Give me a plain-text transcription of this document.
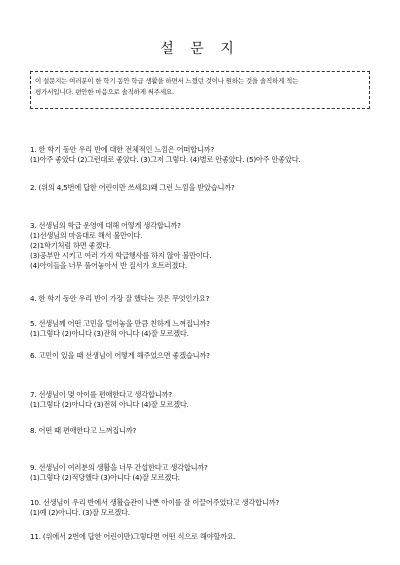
설 문 지
이 설문지는 여러분이 한 학기 동안 학급 생활을 하면서 느꼈던 것이나 원하는 것을 솔직하게 적는
평가서입니다. 편안한 마음으로 솔직하게 써주세요.
1. 한 학기 동안 우리 반에 대한 전체적인 느낌은 어떠합니까?
(1)아주 좋았다 (2)그런대로 좋았다. (3)그저 그렇다. (4)별로 안좋았다. (5)아주 안좋았다.
2. (위의 4,5번에 답한 어린이만 쓰세요)왜 그런 느낌을 받았습니까?
3. 선생님의 학급 운영에 대해 어떻게 생각합니까?
(1)선생님의 마음대로 해서 불만이다.
(2)1학기처럼 하면 좋겠다.
(3)공부만 시키고 여러 가지 학급행사를 하지 않아 불만이다.
(4)아이들을 너무 풀어놓아서 반 질서가 흐트러졌다.
4. 한 학기 동안 우리 반이 가장 잘 했다는 것은 무엇인가요?
5. 선생님께 어떤 고민을 털어놓을 만큼 친하게 느껴집니까?
(1)그렇다 (2)아니다 (3)잔혀 아니다 (4)잘 모르겠다.
6. 고민이 있을 때 선생님이 어떻게 해주었으면 좋겠습니까?
7. 선생님이 몇 아이를 편애한다고 생각합니까?
(1)그렇다 (2)아니다 (3)전혀 아니다 (4)잘 모르겠다.
8. 어떤 때 편애한다고 느껴집니까?
9. 선생님이 여러분의 생활을 너무 간섭한다고 생각합니까?
(1)그렇다 (2)적당했다 (3)아니다 (4)잘 모르겠다.
10. 선생님이 우리 반에서 생활습관이 나쁜 아이를 잘 이끌어주었다고 생각합니까?
(1)예 (2)아니다. (3)잘 모르겠다.
11. (위에서 2번에 답한 어린이만)그렇다면 어떤 식으로 해야할까요.
